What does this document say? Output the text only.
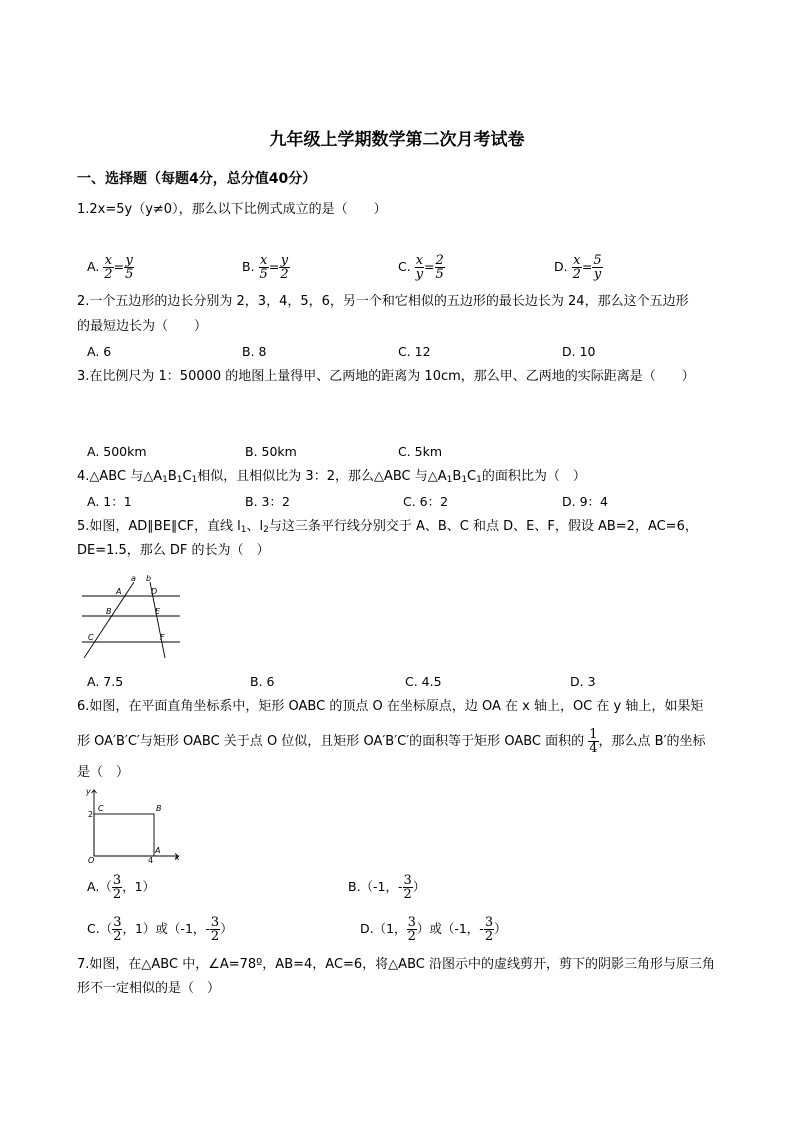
九年级上学期数学第二次月考试卷
一、选择题（每题4分，总分值40分）
1.2x=5y（y≠0），那么以下比例式成立的是（　　）
A. $\frac{x}{2} = \frac{y}{5}$	B. $\frac{x}{5} = \frac{y}{2}$	C. $\frac{x}{y} = \frac{2}{5}$	D. $\frac{x}{2} = \frac{5}{y}$
2.一个五边形的边长分别为 2，3，4，5，6，另一个和它相似的五边形的最长边长为 24，那么这个五边形
的最短边长为（　　）
A. 6	B. 8	C. 12	D. 10
3.在比例尺为 1：50000 的地图上量得甲、乙两地的距离为 10cm，那么甲、乙两地的实际距离是（　　）
A. 500km	B. 50km	C. 5km
4.△ABC 与$\triangle A_1B_1C_1$相似，且相似比为 3：2，那么△ABC 与$\triangle A_1B_1C_1$的面积比为（　）
A. 1：1	B. 3：2	C. 6：2	D. 9：4
5.如图，AD∥BE∥CF，直线 $l_1$、$l_2$与这三条平行线分别交于 A、B、C 和点 D、E、F，假设 AB=2，AC=6，
DE=1.5，那么 DF 的长为（　）
a b
A	D
B	E
C	F
A. 7.5	B. 6	C. 4.5	D. 3
6.如图，在平面直角坐标系中，矩形 OABC 的顶点 O 在坐标原点，边 OA 在 x 轴上，OC 在 y 轴上，如果矩
形 OA′B′C′与矩形 OABC 关于点 O 位似，且矩形 OA′B′C′的面积等于矩形 OABC 面积的 $\frac{1}{4}$ ，那么点 B′的坐标
是（　）
y
x
C	B
O
A
2
4
$A.( \frac{3}{2}$ ，1）	B.（-1，- $\frac{3}{2}$ ）
$C.( \frac{3}{2}$ ，1）或（-1，- $\frac{3}{2}$ ）	D.（1， $\frac{3}{2}$ ）或（-1，- $\frac{3}{2}$ ）
7.如图，在△ABC 中，∠A=78º，AB=4，AC=6，将△ABC 沿图示中的虚线剪开，剪下的阴影三角形与原三角
形不一定相似的是（　）
